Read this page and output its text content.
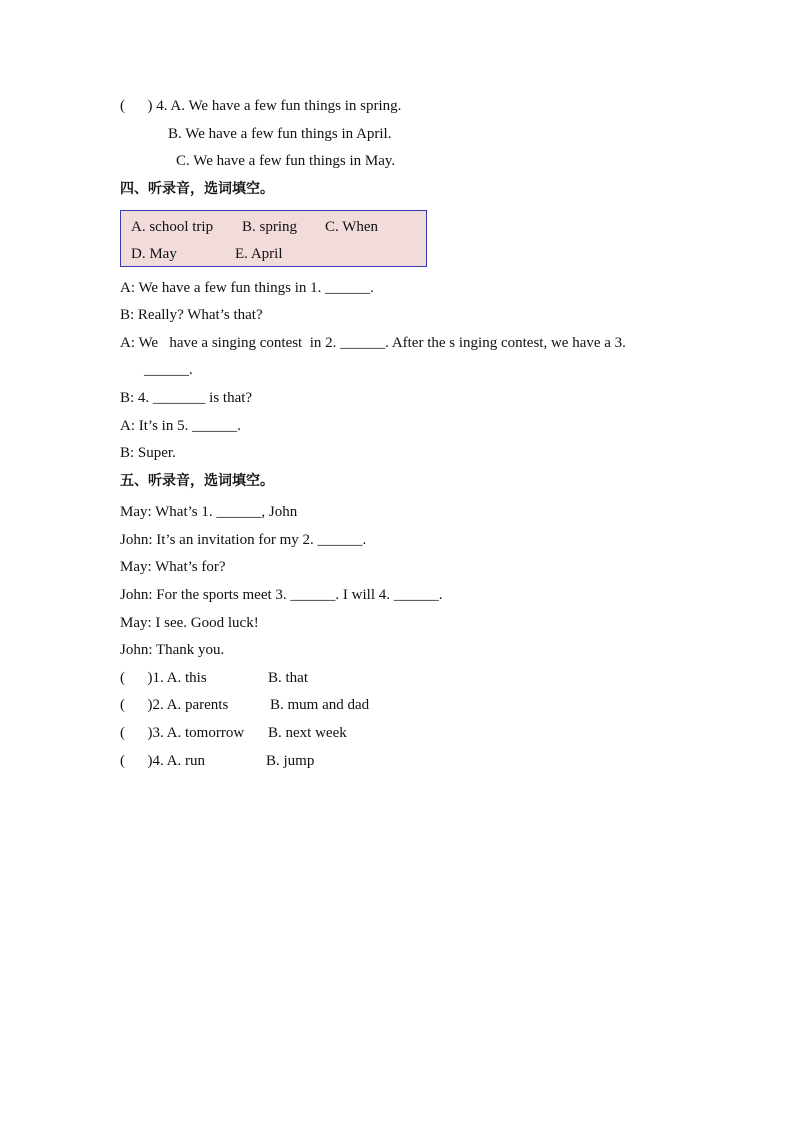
(      ) 4. A. We have a few fun things in spring.
B. We have a few fun things in April.
C. We have a few fun things in May.
四、听录音，选词填空。
A. school trip B. spring C. When
D. May	E. April
A: We have a few fun things in 1. ______.
B: Really? What’s that?
A: We   have a singing contest  in 2. ______. After the s inging contest, we have a 3.
______.
B: 4. _______ is that?
A: It’s in 5. ______.
B: Super.
五、听录音，选词填空。
May: What’s 1. ______, John
John: It’s an invitation for my 2. ______.
May: What’s for?
John: For the sports meet 3. ______. I will 4. ______.
May: I see. Good luck!
John: Thank you.
(      )1. A. this	B. that
(      )2. A. parents	B. mum and dad
(      )3. A. tomorrow B. next week
(      )4. A. run	B. jump
